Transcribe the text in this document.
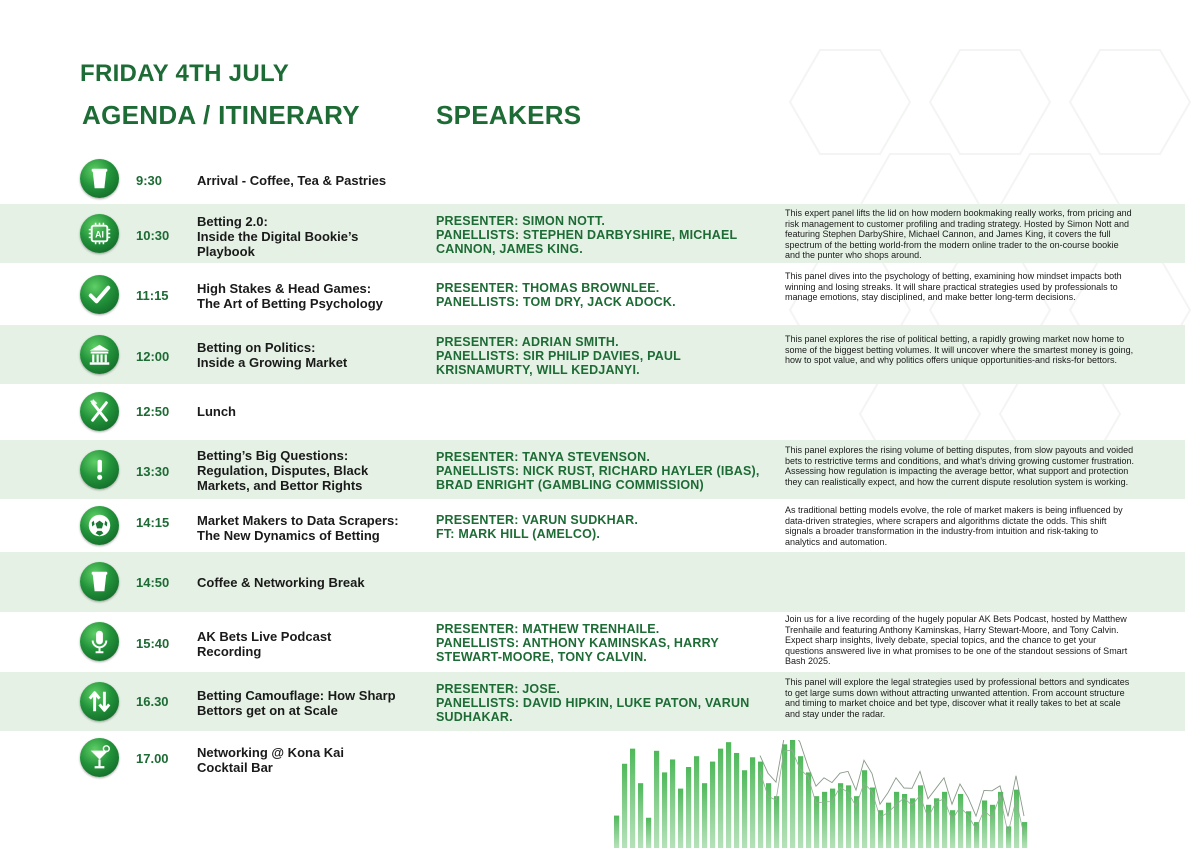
FRIDAY 4TH JULY
AGENDA / ITINERARY	SPEAKERS
9:30	Arrival - Coffee, Tea & Pastries
AI 10:30
Betting 2.0:
Inside the Digital Bookie’s Playbook
PRESENTER: SIMON NOTT.
PANELLISTS: STEPHEN DARBYSHIRE, MICHAEL CANNON, JAMES KING.
This expert panel lifts the lid on how modern bookmaking really works, from pricing and risk management to customer profiling and trading strategy. Hosted by Simon Nott and featuring Stephen DarbyShire, Michael Cannon, and James King, it covers the full spectrum of the betting world-from the modern online trader to the on-course bookie and the punter who shops around.
11:15 High Stakes & Head Games:
The Art of Betting Psychology
PRESENTER: THOMAS BROWNLEE.
PANELLISTS: TOM DRY, JACK ADOCK.
This panel dives into the psychology of betting, examining how mindset impacts both winning and losing streaks. It will share practical strategies used by professionals to manage emotions, stay disciplined, and make better long-term decisions.
12:00
Betting on Politics:
Inside a Growing Market
PRESENTER: ADRIAN SMITH.
PANELLISTS: SIR PHILIP DAVIES, PAUL KRISNAMURTY, WILL KEDJANYI.
This panel explores the rise of political betting, a rapidly growing market now home to some of the biggest betting volumes. It will uncover where the smartest money is going, how to spot value, and why politics offers unique opportunities-and risks-for bettors.
12:50 Lunch
13:30
Betting’s Big Questions: Regulation, Disputes, Black Markets, and Bettor Rights
PRESENTER: TANYA STEVENSON.
PANELLISTS: NICK RUST, RICHARD HAYLER (IBAS), BRAD ENRIGHT (GAMBLING COMMISSION)
This panel explores the rising volume of betting disputes, from slow payouts and voided bets to restrictive terms and conditions, and what’s driving growing customer frustration. Assessing how regulation is impacting the average bettor, what support and protection they can realistically expect, and how the current dispute resolution system is working.
14:15 Market Makers to Data Scrapers:
The New Dynamics of Betting
PRESENTER: VARUN SUDKHAR.
FT: MARK HILL (AMELCO).
As traditional betting models evolve, the role of market makers is being influenced by data-driven strategies, where scrapers and algorithms dictate the odds. This shift signals a broader transformation in the industry-from intuition and risk-taking to analytics and automation.
14:50 Coffee & Networking Break
15:40 AK Bets Live Podcast Recording
PRESENTER: MATHEW TRENHAILE.
PANELLISTS: ANTHONY KAMINSKAS, HARRY STEWART-MOORE, TONY CALVIN.
Join us for a live recording of the hugely popular AK Bets Podcast, hosted by Matthew Trenhaile and featuring Anthony Kaminskas, Harry Stewart-Moore, and Tony Calvin. Expect sharp insights, lively debate, special topics, and the chance to get your questions answered live in what promises to be one of the standout sessions of Smart Bash 2025.
16.30 Betting Camouflage: How Sharp Bettors get on at Scale
PRESENTER: JOSE.
PANELLISTS: DAVID HIPKIN, LUKE PATON, VARUN SUDHAKAR.
This panel will explore the legal strategies used by professional bettors and syndicates to get large sums down without attracting unwanted attention. From account structure and timing to market choice and bet type, discover what it really takes to bet at scale and stay under the radar.
17.00 Networking @ Kona Kai
Cocktail Bar
